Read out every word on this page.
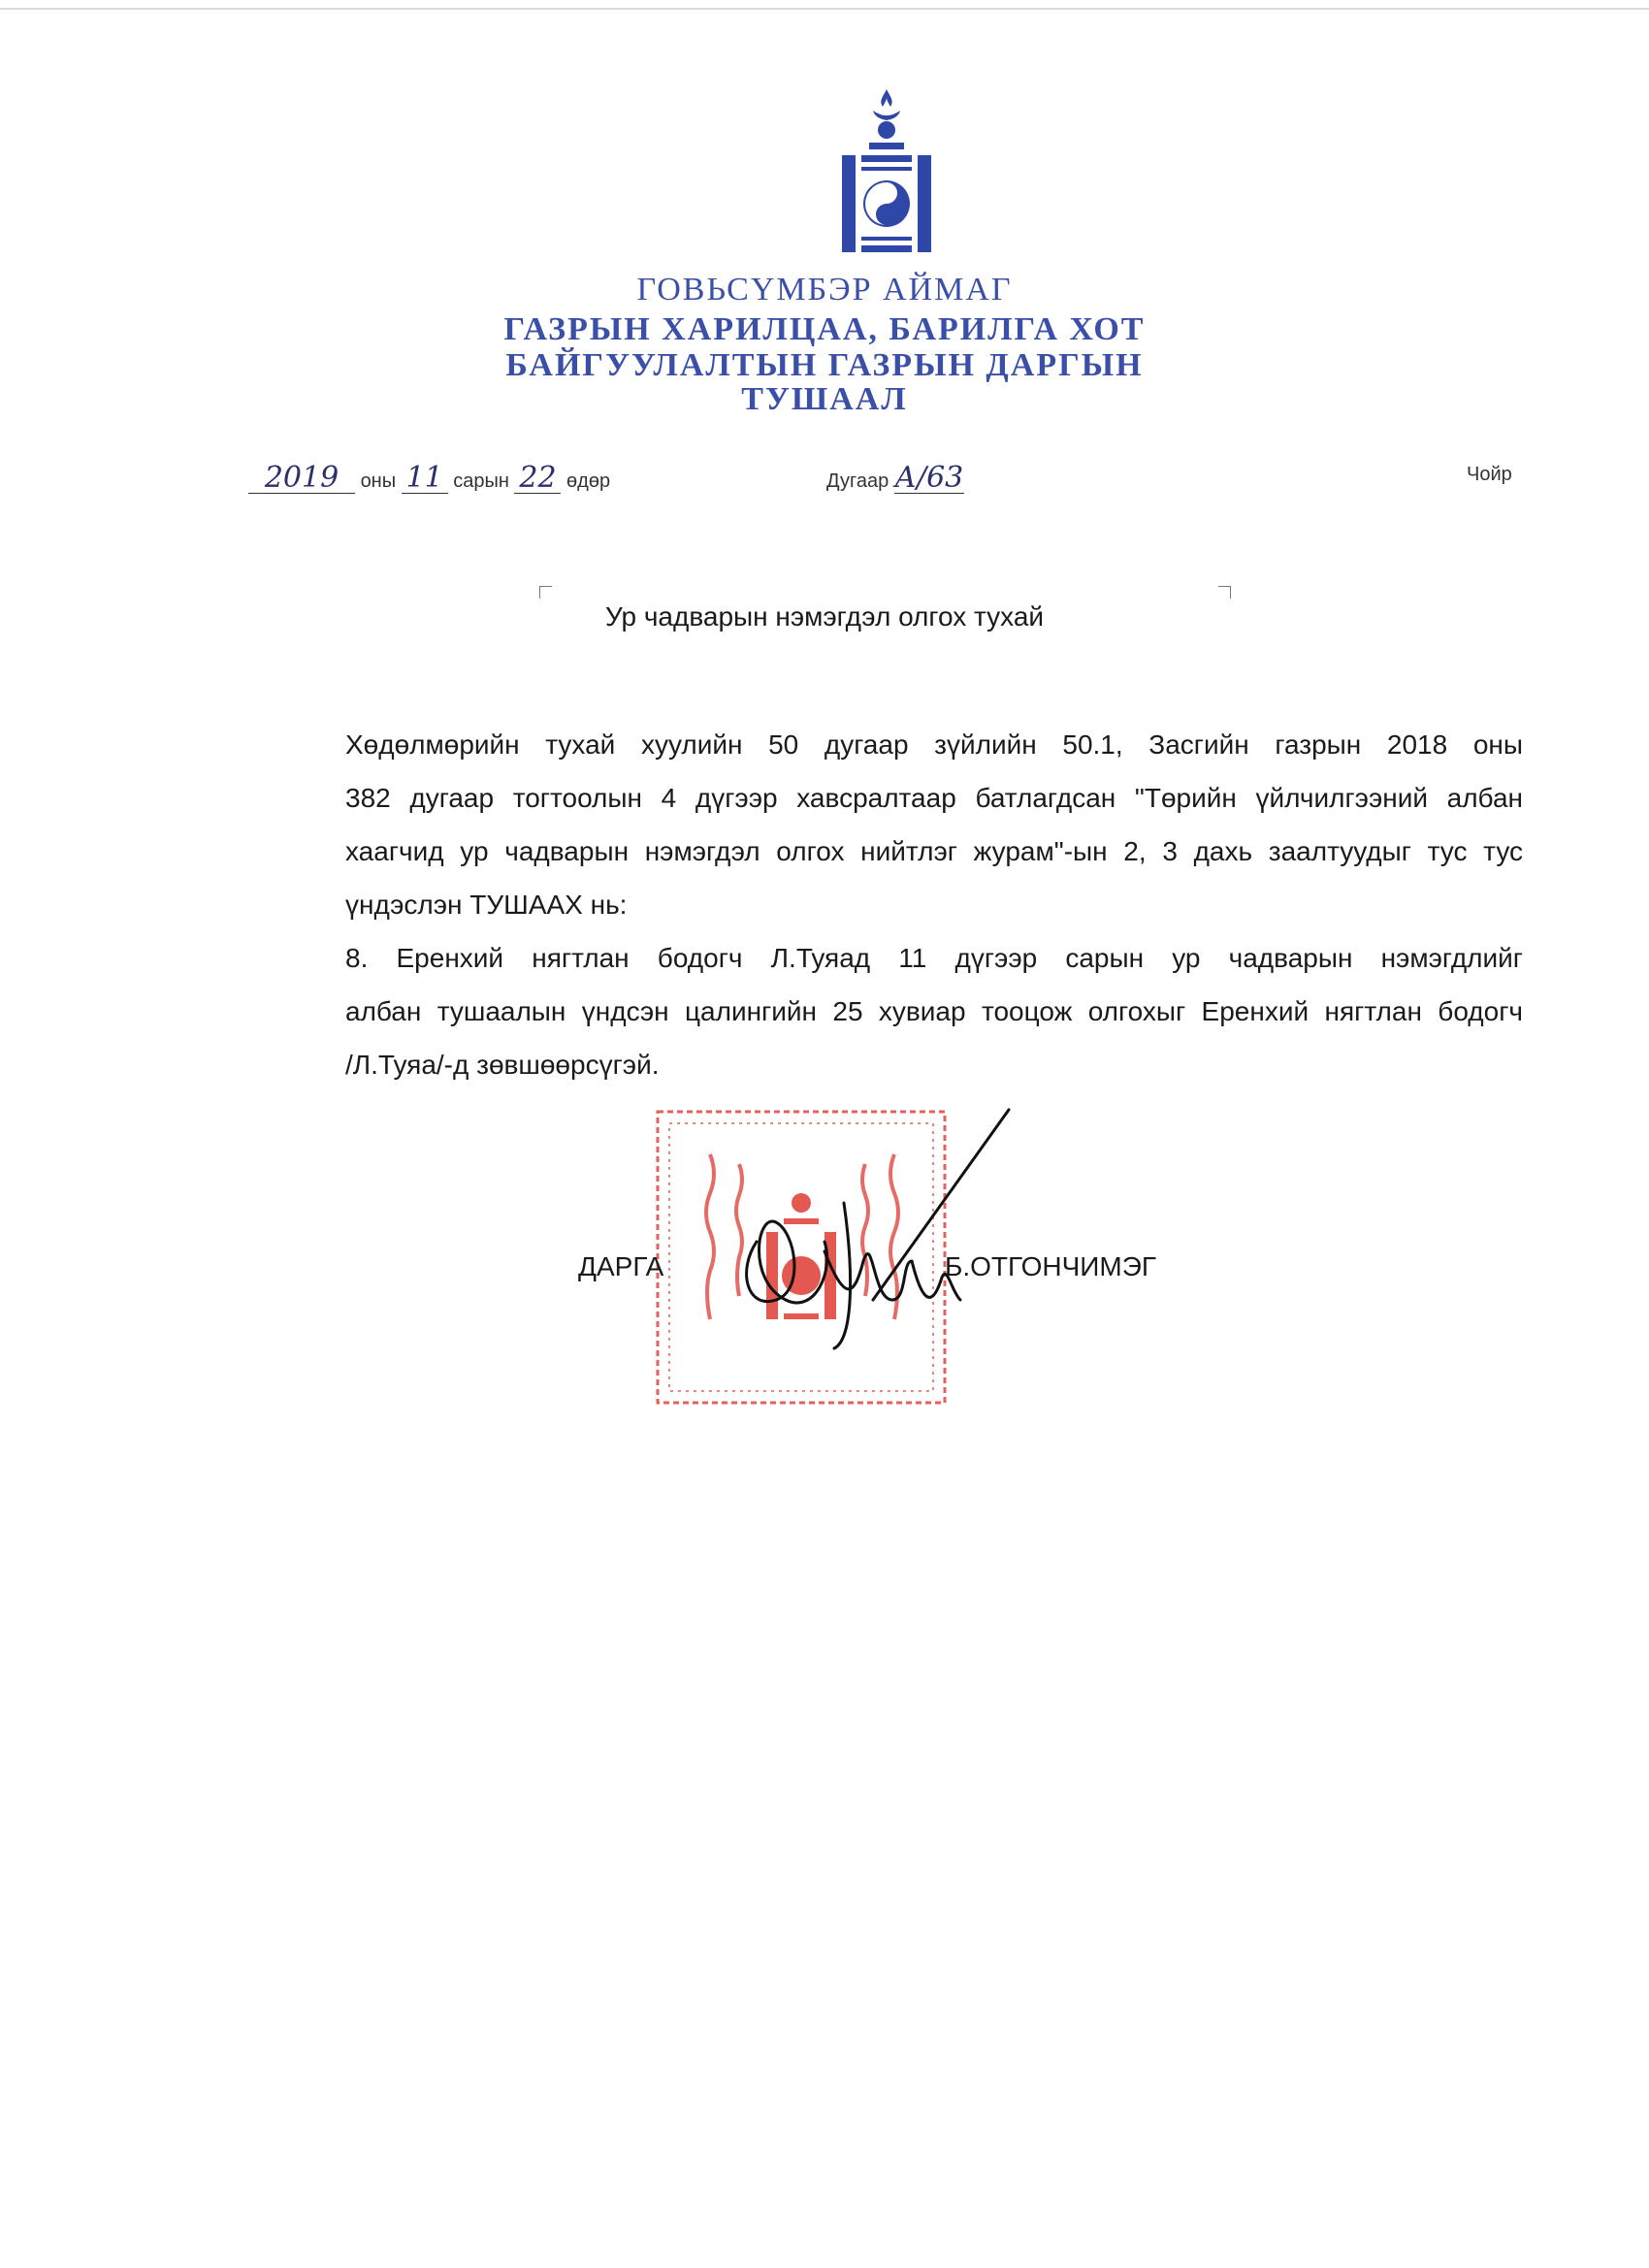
ГОВЬСҮМБЭР АЙМАГ
ГАЗРЫН ХАРИЛЦАА, БАРИЛГА ХОТ
БАЙГУУЛАЛТЫН ГАЗРЫН ДАРГЫН
ТУШААЛ
2019 оны 11 сарын 22 өдөр	Дугаар А/63	Чойр
Ур чадварын нэмэгдэл олгох тухай
Хөдөлмөрийн тухай хуулийн 50 дугаар зүйлийн 50.1, Засгийн газрын 2018 оны
382 дугаар тогтоолын 4 дүгээр хавсралтаар батлагдсан "Төрийн үйлчилгээний албан
хаагчид ур чадварын нэмэгдэл олгох нийтлэг журам"-ын 2, 3 дахь заалтуудыг тус тус
үндэслэн ТУШААХ нь:
8. Еренхий нягтлан бодогч Л.Туяад 11 дүгээр сарын ур чадварын нэмэгдлийг
албан тушаалын үндсэн цалингийн 25 хувиар тооцож олгохыг Еренхий нягтлан бодогч
/Л.Туяа/-д зөвшөөрсүгэй.
ДАРГА	Б.ОТГОНЧИМЭГ
